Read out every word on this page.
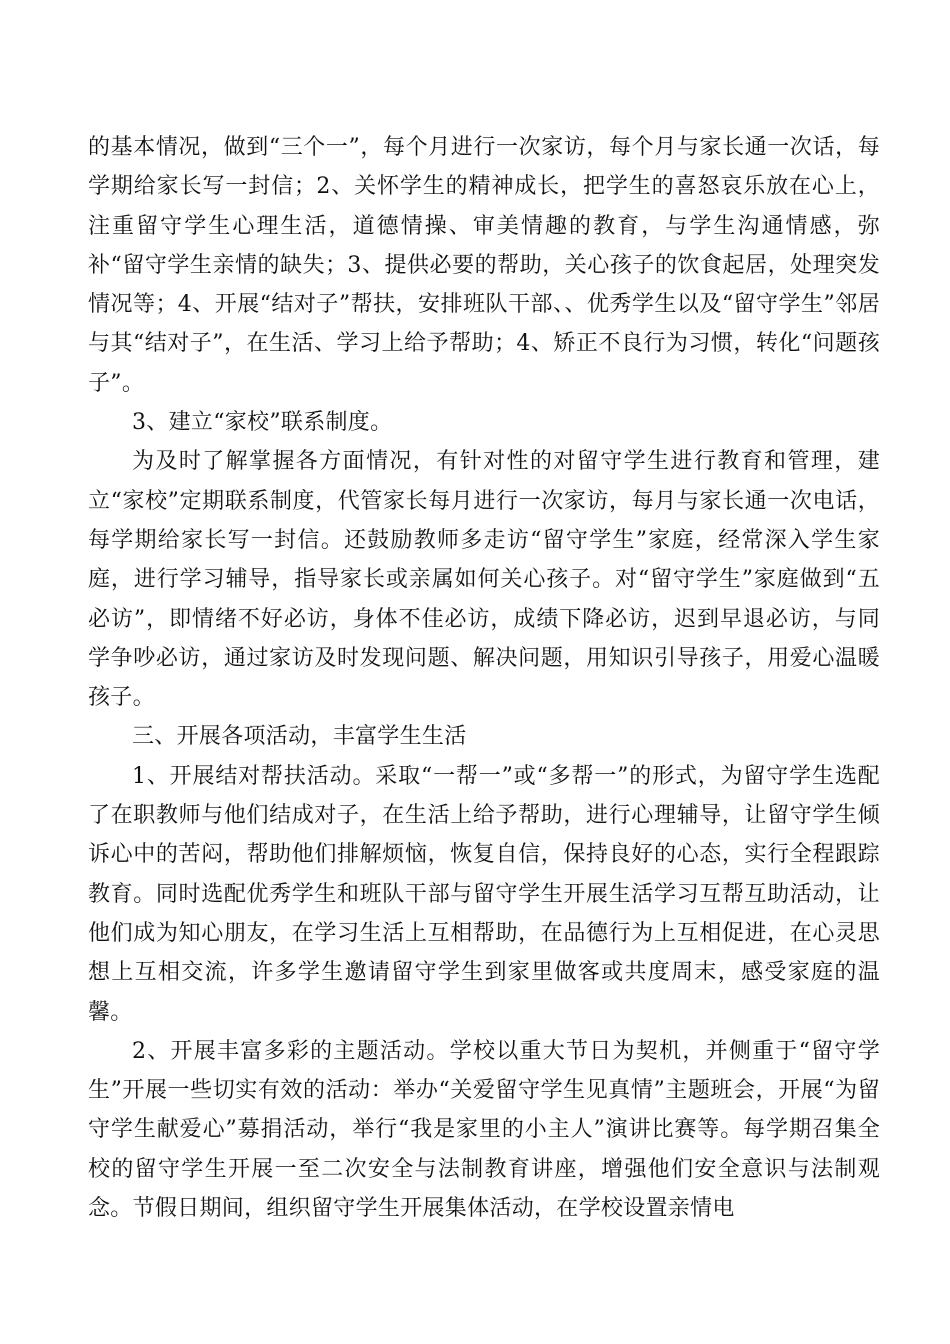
的基本情况，做到“三个一”，每个月进行一次家访，每个月与家长通一次话，每学期给家长写一封信；2、关怀学生的精神成长，把学生的喜怒哀乐放在心上，注重留守学生心理生活，道德情操、审美情趣的教育，与学生沟通情感，弥补“留守学生亲情的缺失；3、提供必要的帮助，关心孩子的饮食起居，处理突发情况等；4、开展“结对子”帮扶，安排班队干部、、优秀学生以及“留守学生”邻居与其“结对子”，在生活、学习上给予帮助；4、矫正不良行为习惯，转化“问题孩子”。

3、建立“家校”联系制度。

为及时了解掌握各方面情况，有针对性的对留守学生进行教育和管理，建立“家校”定期联系制度，代管家长每月进行一次家访，每月与家长通一次电话，每学期给家长写一封信。还鼓励教师多走访“留守学生”家庭，经常深入学生家庭，进行学习辅导，指导家长或亲属如何关心孩子。对“留守学生”家庭做到“五必访”，即情绪不好必访，身体不佳必访，成绩下降必访，迟到早退必访，与同学争吵必访，通过家访及时发现问题、解决问题，用知识引导孩子，用爱心温暖孩子。

三、开展各项活动，丰富学生生活

1、开展结对帮扶活动。采取“一帮一”或“多帮一”的形式，为留守学生选配了在职教师与他们结成对子，在生活上给予帮助，进行心理辅导，让留守学生倾诉心中的苦闷，帮助他们排解烦恼，恢复自信，保持良好的心态，实行全程跟踪教育。同时选配优秀学生和班队干部与留守学生开展生活学习互帮互助活动，让他们成为知心朋友，在学习生活上互相帮助，在品德行为上互相促进，在心灵思想上互相交流，许多学生邀请留守学生到家里做客或共度周末，感受家庭的温馨。

2、开展丰富多彩的主题活动。学校以重大节日为契机，并侧重于“留守学生”开展一些切实有效的活动：举办“关爱留守学生见真情”主题班会，开展“为留守学生献爱心”募捐活动，举行“我是家里的小主人”演讲比赛等。每学期召集全校的留守学生开展一至二次安全与法制教育讲座，增强他们安全意识与法制观念。节假日期间，组织留守学生开展集体活动，在学校设置亲情电
